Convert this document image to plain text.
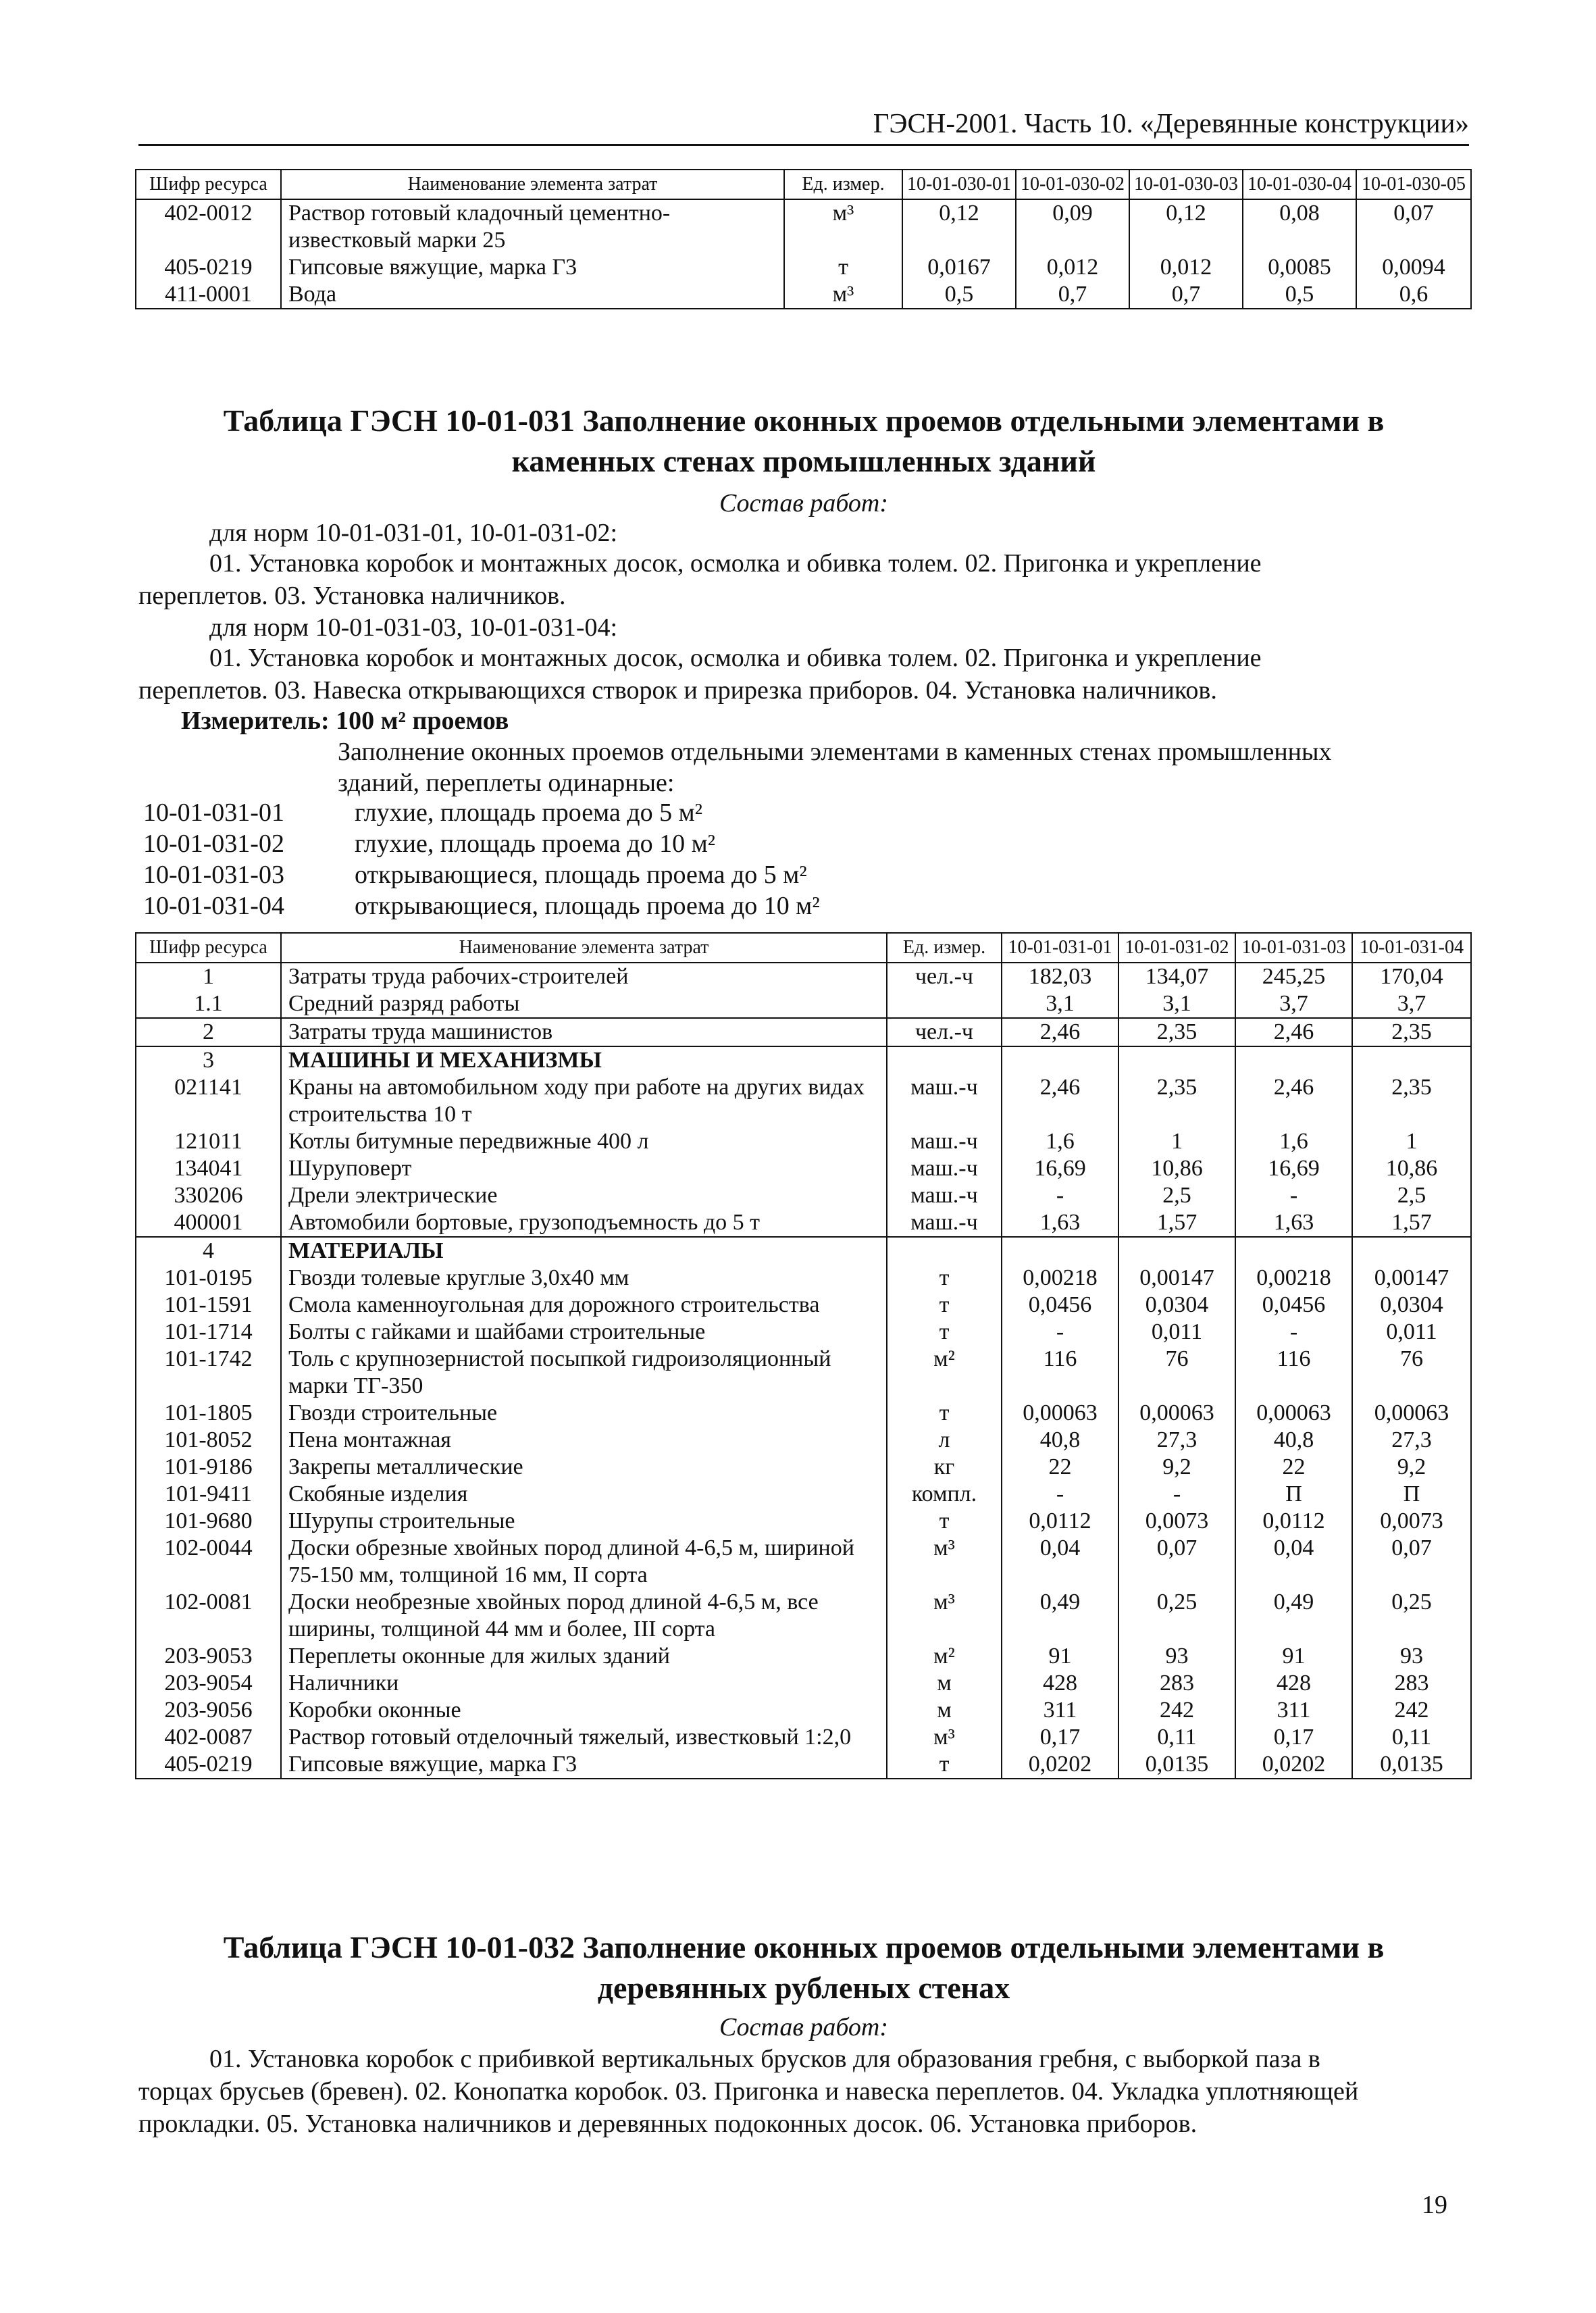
ГЭСН-2001. Часть 10. «Деревянные конструкции»
Шифр ресурса	Наименование элемента затрат	Ед. измер.	10-01-030-01	10-01-030-02	10-01-030-03	10-01-030-04	10-01-030-05
402-0012	Раствор готовый кладочный цементно-известковый марки 25	м³	0,12	0,09	0,12	0,08	0,07
405-0219	Гипсовые вяжущие, марка Г3	т	0,0167	0,012	0,012	0,0085	0,0094
411-0001	Вода	м³	0,5	0,7	0,7	0,5	0,6
Таблица ГЭСН 10-01-031 Заполнение оконных проемов отдельными элементами в
каменных стенах промышленных зданий
Состав работ:
для норм 10-01-031-01, 10-01-031-02:
01. Установка коробок и монтажных досок, осмолка и обивка толем. 02. Пригонка и укрепление
переплетов. 03. Установка наличников.
для норм 10-01-031-03, 10-01-031-04:
01. Установка коробок и монтажных досок, осмолка и обивка толем. 02. Пригонка и укрепление
переплетов. 03. Навеска открывающихся створок и прирезка приборов. 04. Установка наличников.
Измеритель: 100 м² проемов
Заполнение оконных проемов отдельными элементами в каменных стенах промышленных
зданий, переплеты одинарные:
10-01-031-01	глухие, площадь проема до 5 м²
10-01-031-02	глухие, площадь проема до 10 м²
10-01-031-03	открывающиеся, площадь проема до 5 м²
10-01-031-04	открывающиеся, площадь проема до 10 м²
Шифр ресурса	Наименование элемента затрат	Ед. измер.	10-01-031-01	10-01-031-02	10-01-031-03	10-01-031-04
1	Затраты труда рабочих-строителей	чел.-ч	182,03	134,07	245,25	170,04
1.1	Средний разряд работы		3,1	3,1	3,7	3,7
2	Затраты труда машинистов	чел.-ч	2,46	2,35	2,46	2,35
3	МАШИНЫ И МЕХАНИЗМЫ					
021141	Краны на автомобильном ходу при работе на других видах строительства 10 т	маш.-ч	2,46	2,35	2,46	2,35
121011	Котлы битумные передвижные 400 л	маш.-ч	1,6	1	1,6	1
134041	Шуруповерт	маш.-ч	16,69	10,86	16,69	10,86
330206	Дрели электрические	маш.-ч	-	2,5	-	2,5
400001	Автомобили бортовые, грузоподъемность до 5 т	маш.-ч	1,63	1,57	1,63	1,57
4	МАТЕРИАЛЫ					
101-0195	Гвозди толевые круглые 3,0х40 мм	т	0,00218	0,00147	0,00218	0,00147
101-1591	Смола каменноугольная для дорожного строительства	т	0,0456	0,0304	0,0456	0,0304
101-1714	Болты с гайками и шайбами строительные	т	-	0,011	-	0,011
101-1742	Толь с крупнозернистой посыпкой гидроизоляционный марки ТГ-350	м²	116	76	116	76
101-1805	Гвозди строительные	т	0,00063	0,00063	0,00063	0,00063
101-8052	Пена монтажная	л	40,8	27,3	40,8	27,3
101-9186	Закрепы металлические	кг	22	9,2	22	9,2
101-9411	Скобяные изделия	компл.	-	-	П	П
101-9680	Шурупы строительные	т	0,0112	0,0073	0,0112	0,0073
102-0044	Доски обрезные хвойных пород длиной 4-6,5 м, шириной 75-150 мм, толщиной 16 мм, II сорта	м³	0,04	0,07	0,04	0,07
102-0081	Доски необрезные хвойных пород длиной 4-6,5 м, все ширины, толщиной 44 мм и более, III сорта	м³	0,49	0,25	0,49	0,25
203-9053	Переплеты оконные для жилых зданий	м²	91	93	91	93
203-9054	Наличники	м	428	283	428	283
203-9056	Коробки оконные	м	311	242	311	242
402-0087	Раствор готовый отделочный тяжелый, известковый 1:2,0	м³	0,17	0,11	0,17	0,11
405-0219	Гипсовые вяжущие, марка Г3	т	0,0202	0,0135	0,0202	0,0135
Таблица ГЭСН 10-01-032 Заполнение оконных проемов отдельными элементами в
деревянных рубленых стенах
Состав работ:
01. Установка коробок с прибивкой вертикальных брусков для образования гребня, с выборкой паза в
торцах брусьев (бревен). 02. Конопатка коробок. 03. Пригонка и навеска переплетов. 04. Укладка уплотняющей
прокладки. 05. Установка наличников и деревянных подоконных досок. 06. Установка приборов.
19
